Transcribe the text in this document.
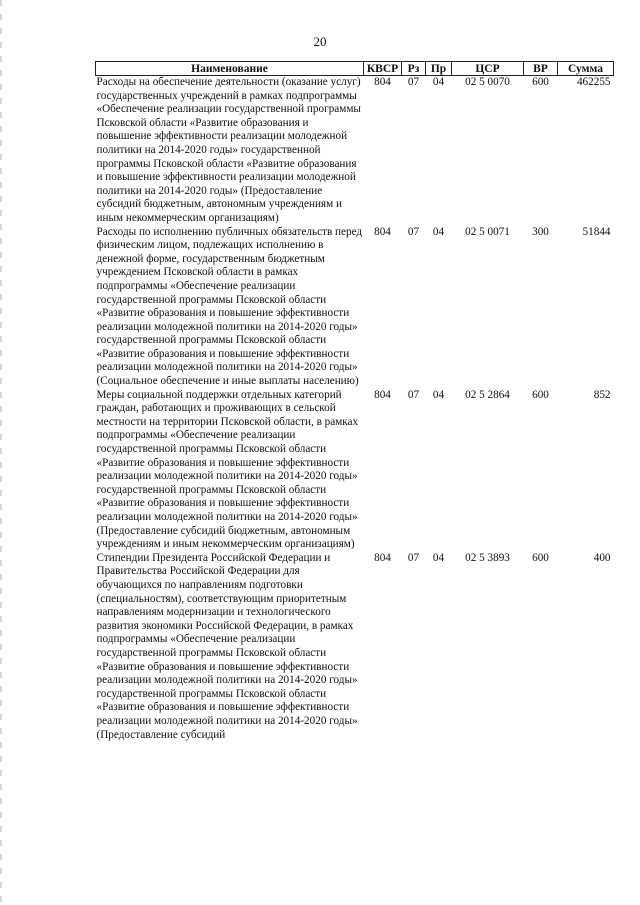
20
Наименование	КВСР	Рз	Пр	ЦСР	ВР	Сумма
Расходы на обеспечение деятельности (оказание услуг) государственных учреждений в рамках подпрограммы «Обеспечение реализации государственной программы Псковской области «Развитие образования и повышение эффективности реализации молодежной политики на 2014-2020 годы» государственной программы Псковской области «Развитие образования и повышение эффективности реализации молодежной политики на 2014-2020 годы» (Предоставление субсидий бюджетным, автономным учреждениям и иным некоммерческим организациям)	804	07	04	02 5 0070	600	462255
Расходы по исполнению публичных обязательств перед физическим лицом, подлежащих исполнению в денежной форме, государственным бюджетным учреждением Псковской области в рамках подпрограммы «Обеспечение реализации государственной программы Псковской области «Развитие образования и повышение эффективности реализации молодежной политики на 2014-2020 годы» государственной программы Псковской области «Развитие образования и повышение эффективности реализации молодежной политики на 2014-2020 годы» (Социальное обеспечение и иные выплаты населению)	804	07	04	02 5 0071	300	51844
Меры социальной поддержки отдельных категорий граждан, работающих и проживающих в сельской местности на территории Псковской области, в рамках подпрограммы «Обеспечение реализации государственной программы Псковской области «Развитие образования и повышение эффективности реализации молодежной политики на 2014-2020 годы» государственной программы Псковской области «Развитие образования и повышение эффективности реализации молодежной политики на 2014-2020 годы» (Предоставление субсидий бюджетным, автономным учреждениям и иным некоммерческим организациям)	804	07	04	02 5 2864	600	852
Стипендии Президента Российской Федерации и Правительства Российской Федерации для обучающихся по направлениям подготовки (специальностям), соответствующим приоритетным направлениям модернизации и технологического развития экономики Российской Федерации, в рамках подпрограммы «Обеспечение реализации государственной программы Псковской области «Развитие образования и повышение эффективности реализации молодежной политики на 2014-2020 годы» государственной программы Псковской области «Развитие образования и повышение эффективности реализации молодежной политики на 2014-2020 годы» (Предоставление субсидий	804	07	04	02 5 3893	600	400
